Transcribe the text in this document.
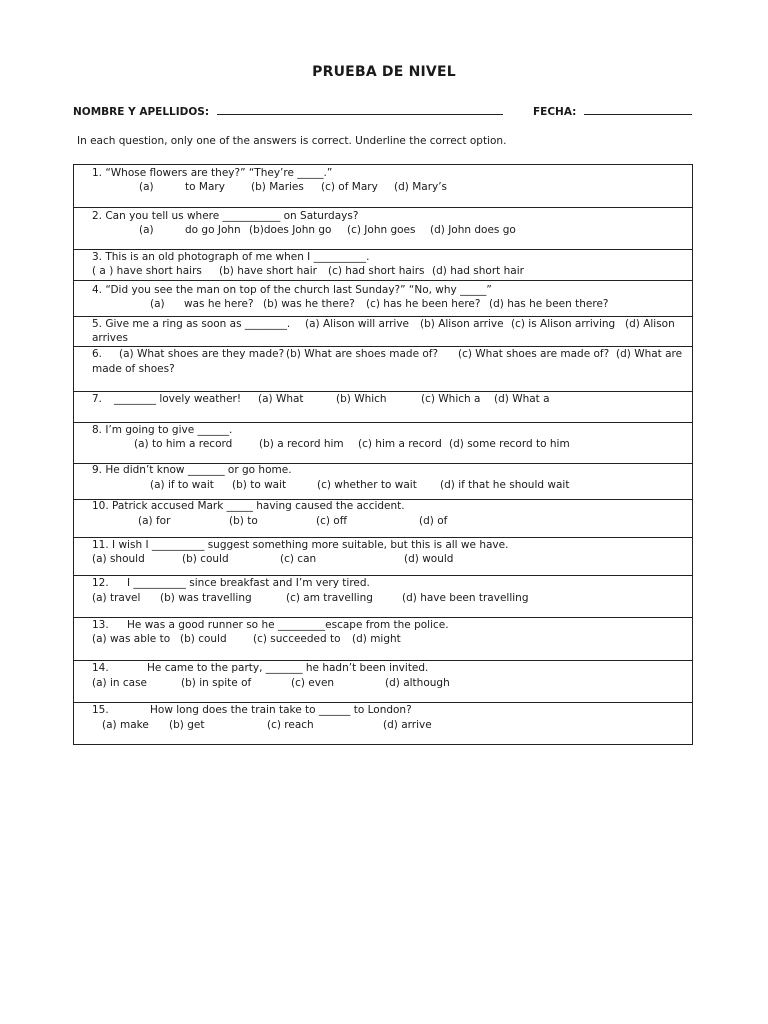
PRUEBA DE NIVEL
NOMBRE Y APELLIDOS:	FECHA:
In each question, only one of the answers is correct. Underline the correct option.
1. “Whose flowers are they?” “They’re _____.”
(a)	to Mary (b) Maries (c) of Mary (d) Mary’s
2. Can you tell us where ___________ on Saturdays?
(a)	do go John (b)does John go (c) John goes (d) John does go
3. This is an old photograph of me when I __________.
( a ) have short hairs (b) have short hair (c) had short hairs (d) had short hair
4. “Did you see the man on top of the church last Sunday?” “No, why _____”
(a) was he here? (b) was he there? (c) has he been here? (d) has he been there?
5. Give me a ring as soon as ________. (a) Alison will arrive (b) Alison arrive (c) is Alison arriving (d) Alison
arrives
6. (a) What shoes are they made? (b) What are shoes made of? (c) What shoes are made of? (d) What are
made of shoes?
7. ________ lovely weather! (a) What	(b) Which	(c) Which a (d) What a
8. I’m going to give ______.
(a) to him a record	(b) a record him (c) him a record (d) some record to him
9. He didn’t know _______ or go home.
(a) if to wait (b) to wait	(c) whether to wait (d) if that he should wait
10. Patrick accused Mark _____ having caused the accident.
(a) for	(b) to	(c) off	(d) of
11. I wish I __________ suggest something more suitable, but this is all we have.
(a) should	(b) could	(c) can	(d) would
12. I __________ since breakfast and I’m very tired.
(a) travel (b) was travelling	(c) am travelling	(d) have been travelling
13. He was a good runner so he _________escape from the police.
(a) was able to (b) could	(c) succeeded to (d) might
14.	He came to the party, _______ he hadn’t been invited.
(a) in case	(b) in spite of	(c) even	(d) although
15.	How long does the train take to ______ to London?
(a) make (b) get	(c) reach	(d) arrive
